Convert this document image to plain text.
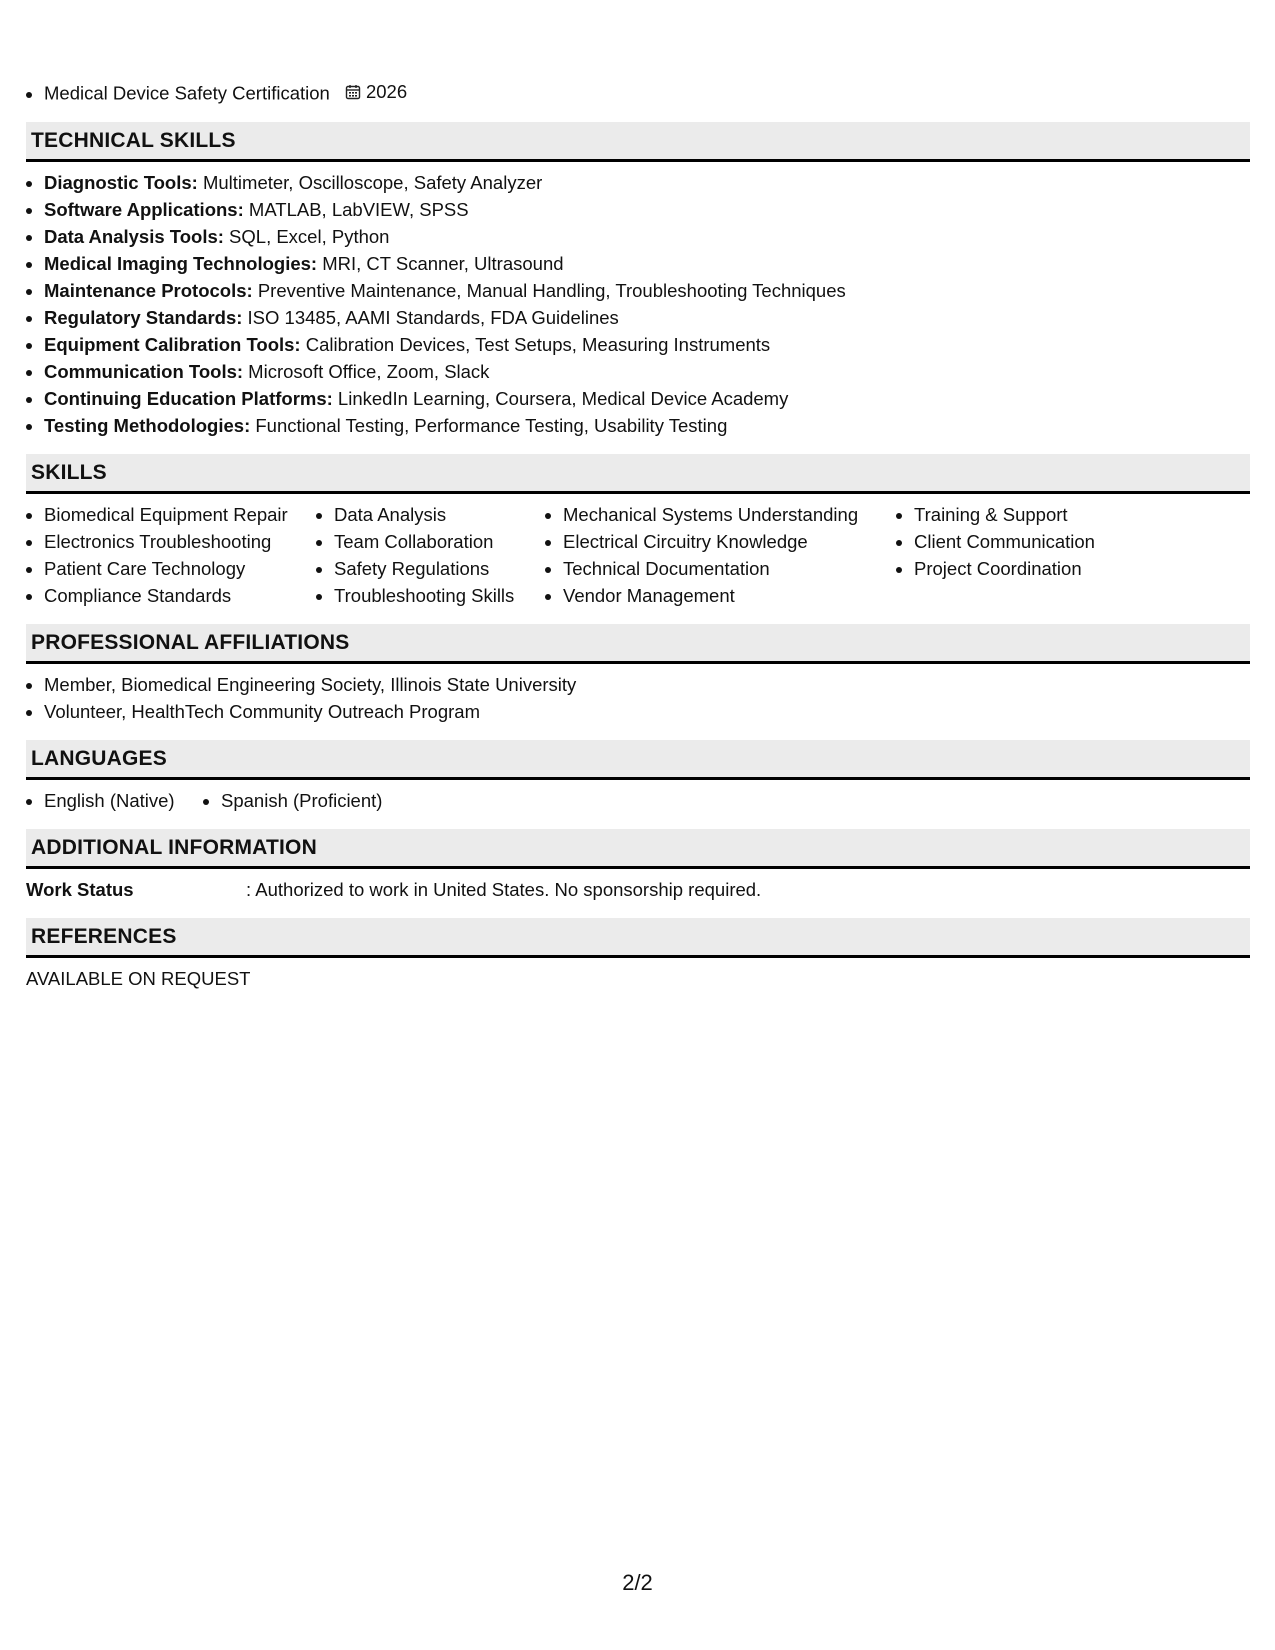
• Medical Device Safety Certification 2026
TECHNICAL SKILLS
• Diagnostic Tools: Multimeter, Oscilloscope, Safety Analyzer
• Software Applications: MATLAB, LabVIEW, SPSS
• Data Analysis Tools: SQL, Excel, Python
• Medical Imaging Technologies: MRI, CT Scanner, Ultrasound
• Maintenance Protocols: Preventive Maintenance, Manual Handling, Troubleshooting Techniques
• Regulatory Standards: ISO 13485, AAMI Standards, FDA Guidelines
• Equipment Calibration Tools: Calibration Devices, Test Setups, Measuring Instruments
• Communication Tools: Microsoft Office, Zoom, Slack
• Continuing Education Platforms: LinkedIn Learning, Coursera, Medical Device Academy
• Testing Methodologies: Functional Testing, Performance Testing, Usability Testing
SKILLS
• Biomedical Equipment Repair
• Electronics Troubleshooting
• Patient Care Technology
• Compliance Standards
• Data Analysis
• Team Collaboration
• Safety Regulations
• Troubleshooting Skills
• Mechanical Systems Understanding
• Electrical Circuitry Knowledge
• Technical Documentation
• Vendor Management
• Training & Support
• Client Communication
• Project Coordination
PROFESSIONAL AFFILIATIONS
• Member, Biomedical Engineering Society, Illinois State University
• Volunteer, HealthTech Community Outreach Program
LANGUAGES
• English (Native)
•	Spanish (Proficient)
ADDITIONAL INFORMATION
Work Status	: Authorized to work in United States. No sponsorship required.
REFERENCES
AVAILABLE ON REQUEST
2/2
